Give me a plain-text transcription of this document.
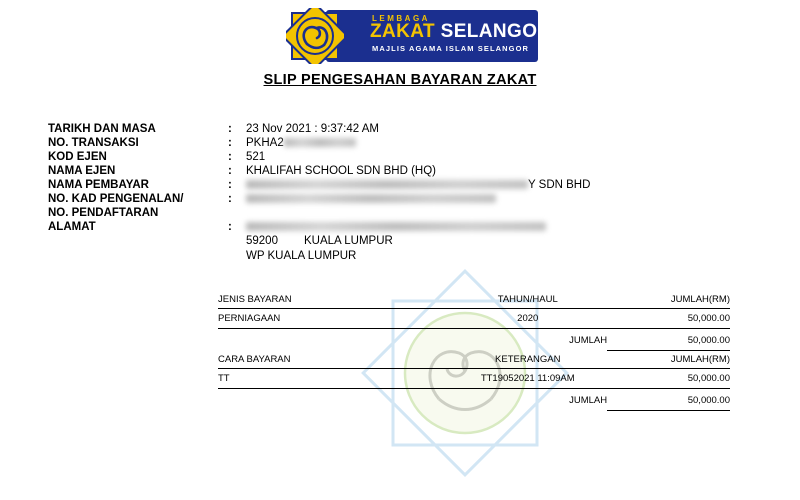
LEMBAGA
ZAKAT SELANGOR
MAJLIS AGAMA ISLAM SELANGOR
SLIP PENGESAHAN BAYARAN ZAKAT
TARIKH DAN MASA	: 23 Nov 2021 : 9:37:42 AM
NO. TRANSAKSI	: PKHA2
KOD EJEN	: 521
NAMA EJEN	: KHALIFAH SCHOOL SDN BHD (HQ)
NAMA PEMBAYAR	:	Y SDN BHD
NO. KAD PENGENALAN/	:
NO. PENDAFTARAN
ALAMAT	:
59200 KUALA LUMPUR
WP KUALA LUMPUR
JENIS BAYARAN	TAHUN/HAUL	JUMLAH(RM)
PERNIAGAAN	2020	50,000.00
	JUMLAH	50,000.00
CARA BAYARAN	KETERANGAN	JUMLAH(RM)
TT	TT19052021 11:09AM	50,000.00
	JUMLAH	50,000.00
